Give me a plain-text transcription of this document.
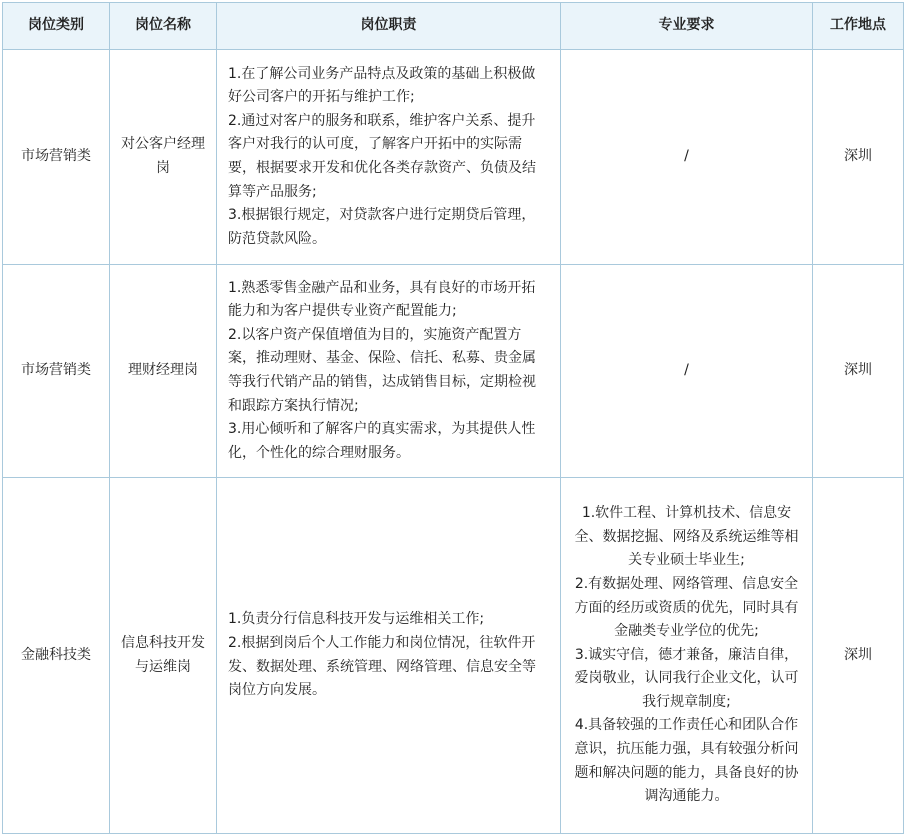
岗位类别	岗位名称	岗位职责	专业要求	工作地点
市场营销类	对公客户经理岗	1.在了解公司业务产品特点及政策的基础上积极做好公司客户的开拓与维护工作;
2.通过对客户的服务和联系，维护客户关系、提升客户对我行的认可度，了解客户开拓中的实际需要，根据要求开发和优化各类存款资产、负债及结算等产品服务;
3.根据银行规定，对贷款客户进行定期贷后管理，防范贷款风险。	/	深圳
市场营销类	理财经理岗	1.熟悉零售金融产品和业务，具有良好的市场开拓能力和为客户提供专业资产配置能力;
2.以客户资产保值增值为目的，实施资产配置方案，推动理财、基金、保险、信托、私募、贵金属等我行代销产品的销售，达成销售目标，定期检视和跟踪方案执行情况;
3.用心倾听和了解客户的真实需求，为其提供人性化，个性化的综合理财服务。	/	深圳
金融科技类	信息科技开发与运维岗	1.负责分行信息科技开发与运维相关工作;
2.根据到岗后个人工作能力和岗位情况，往软件开发、数据处理、系统管理、网络管理、信息安全等岗位方向发展。	1.软件工程、计算机技术、信息安全、数据挖掘、网络及系统运维等相关专业硕士毕业生;
2.有数据处理、网络管理、信息安全方面的经历或资质的优先，同时具有金融类专业学位的优先;
3.诚实守信，德才兼备，廉洁自律，爱岗敬业，认同我行企业文化，认可我行规章制度;
4.具备较强的工作责任心和团队合作意识，抗压能力强，具有较强分析问题和解决问题的能力，具备良好的协调沟通能力。	深圳
